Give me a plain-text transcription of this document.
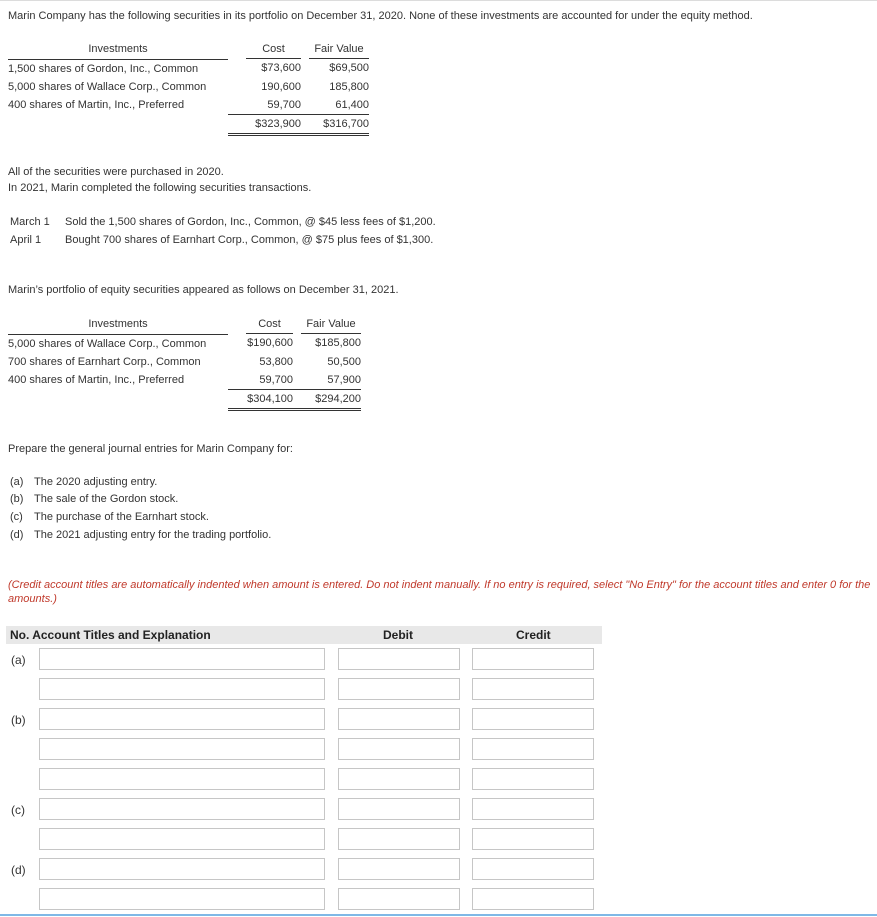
Marin Company has the following securities in its portfolio on December 31, 2020. None of these investments are accounted for under the equity method.
Investments	Cost	Fair Value

1,500 shares of Gordon, Inc., Common	$73,600	$69,500
5,000 shares of Wallace Corp., Common	190,600	185,800
400 shares of Martin, Inc., Preferred	59,700	61,400
	$323,900	$316,700
All of the securities were purchased in 2020.
In 2021, Marin completed the following securities transactions.
March 1 Sold the 1,500 shares of Gordon, Inc., Common, @ $45 less fees of $1,200.
April 1 Bought 700 shares of Earnhart Corp., Common, @ $75 plus fees of $1,300.
Marin’s portfolio of equity securities appeared as follows on December 31, 2021.
Investments	Cost	Fair Value

5,000 shares of Wallace Corp., Common	$190,600	$185,800
700 shares of Earnhart Corp., Common	53,800	50,500
400 shares of Martin, Inc., Preferred	59,700	57,900
	$304,100	$294,200
Prepare the general journal entries for Marin Company for:
(a) The 2020 adjusting entry.
(b) The sale of the Gordon stock.
(c) The purchase of the Earnhart stock.
(d) The 2021 adjusting entry for the trading portfolio.
(Credit account titles are automatically indented when amount is entered. Do not indent manually. If no entry is required, select "No Entry" for the account titles and enter 0 for the amounts.)
No. Account Titles and Explanation	Debit	Credit
(a)
(b)
(c)
(d)
